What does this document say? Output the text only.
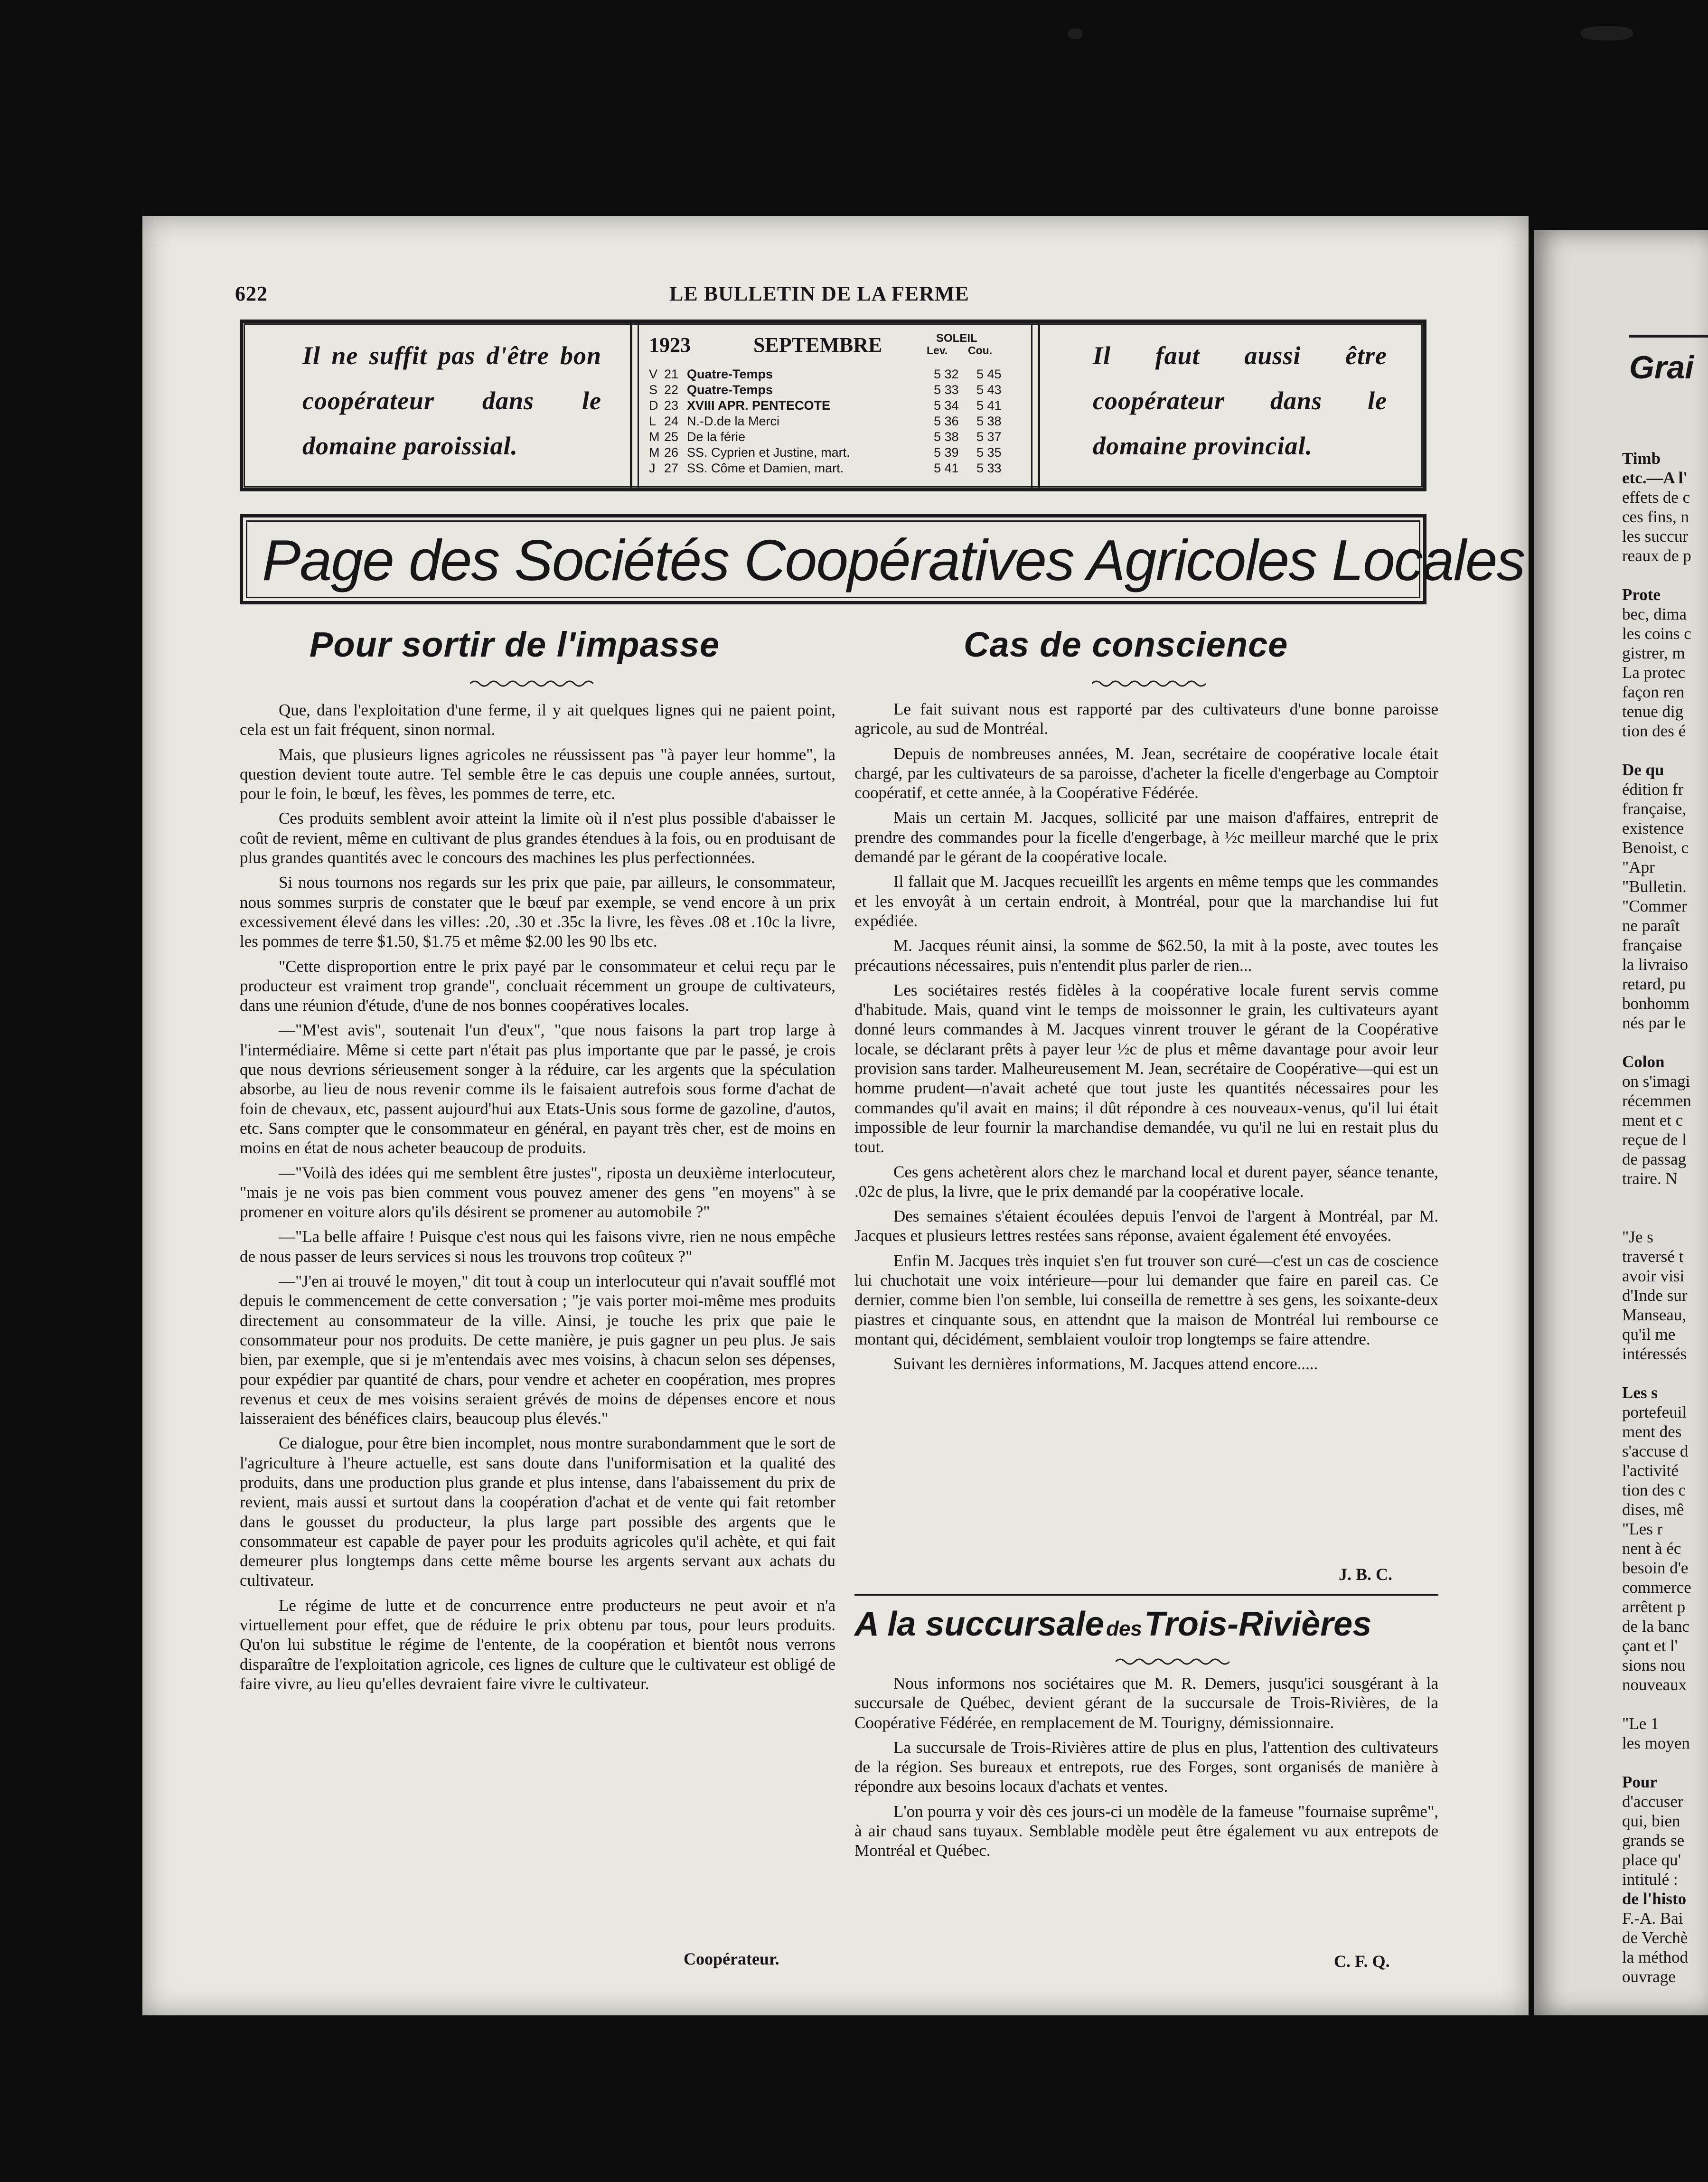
622	LE BULLETIN DE LA FERME
Il ne suffit pas d'être bon coopérateur dans le domaine paroissial.
Il faut aussi être coopérateur dans le domaine provincial.
1923	SEPTEMBRE	SOLEIL
Lev. Cou.
V 21 Quatre-Temps	5 32 5 45
S 22 Quatre-Temps	5 33 5 43
D 23 XVIII APR. PENTECOTE	5 34 5 41
L 24 N.-D.de la Merci	5 36 5 38
M 25 De la férie	5 38 5 37
M 26 SS. Cyprien et Justine, mart.	5 39 5 35
J 27 SS. Côme et Damien, mart.	5 41 5 33
Page des Sociétés Coopératives Agricoles Locales
Pour sortir de l'impasse

Que, dans l'exploitation d'une ferme, il y ait quelques lignes qui ne paient point, cela est un fait fréquent, sinon normal.

Mais, que plusieurs lignes agricoles ne réussissent pas "à payer leur homme", la question devient toute autre. Tel semble être le cas depuis une couple années, surtout, pour le foin, le bœuf, les fèves, les pommes de terre, etc.

Ces produits semblent avoir atteint la limite où il n'est plus possible d'abaisser le coût de revient, même en cultivant de plus grandes étendues à la fois, ou en produisant de plus grandes quantités avec le concours des machines les plus perfectionnées.

Si nous tournons nos regards sur les prix que paie, par ailleurs, le consommateur, nous sommes surpris de constater que le bœuf par exemple, se vend encore à un prix excessivement élevé dans les villes: .20, .30 et .35c la livre, les fèves .08 et .10c la livre, les pommes de terre $1.50, $1.75 et même $2.00 les 90 lbs etc.

"Cette disproportion entre le prix payé par le consommateur et celui reçu par le producteur est vraiment trop grande", concluait récemment un groupe de cultivateurs, dans une réunion d'étude, d'une de nos bonnes coopératives locales.

—"M'est avis", soutenait l'un d'eux", "que nous faisons la part trop large à l'intermédiaire. Même si cette part n'était pas plus importante que par le passé, je crois que nous devrions sérieusement songer à la réduire, car les argents que la spéculation absorbe, au lieu de nous revenir comme ils le faisaient autrefois sous forme d'achat de foin de chevaux, etc, passent aujourd'hui aux Etats-Unis sous forme de gazoline, d'autos, etc. Sans compter que le consommateur en général, en payant très cher, est de moins en moins en état de nous acheter beaucoup de produits.

—"Voilà des idées qui me semblent être justes", riposta un deuxième interlocuteur, "mais je ne vois pas bien comment vous pouvez amener des gens "en moyens" à se promener en voiture alors qu'ils désirent se promener au automobile ?"

—"La belle affaire ! Puisque c'est nous qui les faisons vivre, rien ne nous empêche de nous passer de leurs services si nous les trouvons trop coûteux ?"

—"J'en ai trouvé le moyen," dit tout à coup un interlocuteur qui n'avait soufflé mot depuis le commencement de cette conversation ; "je vais porter moi-même mes produits directement au consommateur de la ville. Ainsi, je touche les prix que paie le consommateur pour nos produits. De cette manière, je puis gagner un peu plus. Je sais bien, par exemple, que si je m'entendais avec mes voisins, à chacun selon ses dépenses, pour expédier par quantité de chars, pour vendre et acheter en coopération, mes propres revenus et ceux de mes voisins seraient grévés de moins de dépenses encore et nous laisseraient des bénéfices clairs, beaucoup plus élevés."

Ce dialogue, pour être bien incomplet, nous montre surabondamment que le sort de l'agriculture à l'heure actuelle, est sans doute dans l'uniformisation et la qualité des produits, dans une production plus grande et plus intense, dans l'abaissement du prix de revient, mais aussi et surtout dans la coopération d'achat et de vente qui fait retomber dans le gousset du producteur, la plus large part possible des argents que le consommateur est capable de payer pour les produits agricoles qu'il achète, et qui fait demeurer plus longtemps dans cette même bourse les argents servant aux achats du cultivateur.

Le régime de lutte et de concurrence entre producteurs ne peut avoir et n'a virtuellement pour effet, que de réduire le prix obtenu par tous, pour leurs produits. Qu'on lui substitue le régime de l'entente, de la coopération et bientôt nous verrons disparaître de l'exploitation agricole, ces lignes de culture que le cultivateur est obligé de faire vivre, au lieu qu'elles devraient faire vivre le cultivateur.

Coopérateur.
Cas de conscience

Le fait suivant nous est rapporté par des cultivateurs d'une bonne paroisse agricole, au sud de Montréal.

Depuis de nombreuses années, M. Jean, secrétaire de coopérative locale était chargé, par les cultivateurs de sa paroisse, d'acheter la ficelle d'engerbage au Comptoir coopératif, et cette année, à la Coopérative Fédérée.

Mais un certain M. Jacques, sollicité par une maison d'affaires, entreprit de prendre des commandes pour la ficelle d'engerbage, à ½c meilleur marché que le prix demandé par le gérant de la coopérative locale.

Il fallait que M. Jacques recueillît les argents en même temps que les commandes et les envoyât à un certain endroit, à Montréal, pour que la marchandise lui fut expédiée.

M. Jacques réunit ainsi, la somme de $62.50, la mit à la poste, avec toutes les précautions nécessaires, puis n'entendit plus parler de rien...

Les sociétaires restés fidèles à la coopérative locale furent servis comme d'habitude. Mais, quand vint le temps de moissonner le grain, les cultivateurs ayant donné leurs commandes à M. Jacques vinrent trouver le gérant de la Coopérative locale, se déclarant prêts à payer leur ½c de plus et même davantage pour avoir leur provision sans tarder. Malheureusement M. Jean, secrétaire de Coopérative—qui est un homme prudent—n'avait acheté que tout juste les quantités nécessaires pour les commandes qu'il avait en mains; il dût répondre à ces nouveaux-venus, qu'il lui était impossible de leur fournir la marchandise demandée, vu qu'il ne lui en restait plus du tout.

Ces gens achetèrent alors chez le marchand local et durent payer, séance tenante, .02c de plus, la livre, que le prix demandé par la coopérative locale.

Des semaines s'étaient écoulées depuis l'envoi de l'argent à Montréal, par M. Jacques et plusieurs lettres restées sans réponse, avaient également été envoyées.

Enfin M. Jacques très inquiet s'en fut trouver son curé—c'est un cas de coscience lui chuchotait une voix intérieure—pour lui demander que faire en pareil cas. Ce dernier, comme bien l'on semble, lui conseilla de remettre à ses gens, les soixante-deux piastres et cinquante sous, en attendnt que la maison de Montréal lui rembourse ce montant qui, décidément, semblaient vouloir trop longtemps se faire attendre.

Suivant les dernières informations, M. Jacques attend encore.....

J. B. C.
A la succursale des Trois-Rivières

Nous informons nos sociétaires que M. R. Demers, jusqu'ici sousgérant à la succursale de Québec, devient gérant de la succursale de Trois-Rivières, de la Coopérative Fédérée, en remplacement de M. Tourigny, démissionnaire.

La succursale de Trois-Rivières attire de plus en plus, l'attention des cultivateurs de la région. Ses bureaux et entrepots, rue des Forges, sont organisés de manière à répondre aux besoins locaux d'achats et ventes.

L'on pourra y voir dès ces jours-ci un modèle de la fameuse "fournaise suprême", à air chaud sans tuyaux. Semblable modèle peut être également vu aux entrepots de Montréal et Québec.

C. F. Q.
Grai
Timb
etc.—A l'
effets de c
ces fins, n
les succur
reaux de p
Prote
bec, dima
les coins c
gistrer, m
La protec
façon ren
tenue dig
tion des é
De qu
édition fr
française,
existence
Benoist, c
"Apr
"Bulletin.
"Commer
ne paraît
française
la livraiso
retard, pu
bonhomm
nés par le
Colon
on s'imagi
récemmen
ment et c
reçue de l
de passag
traire. N
"Je s
traversé t
avoir visi
d'Inde sur
Manseau,
qu'il me
intéressés
Les s
portefeuil
ment des
s'accuse d
l'activité
tion des c
dises, mê
"Les r
nent à éc
besoin d'e
commerce
arrêtent p
de la banc
çant et l'
sions nou
nouveaux
"Le 1
les moyen
Pour
d'accuser
qui, bien
grands se
place qu'
intitulé :
de l'histo
F.-A. Bai
de Verchè
la méthod
ouvrage
